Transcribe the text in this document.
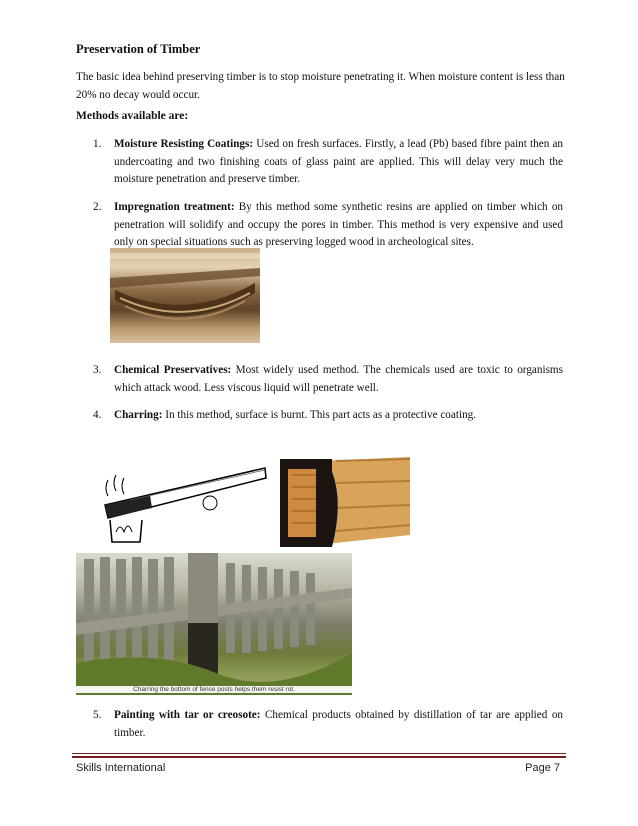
Preservation of Timber
The basic idea behind preserving timber is to stop moisture penetrating it. When moisture content is less than 20% no decay would occur.
Methods available are:
1.	Moisture Resisting Coatings: Used on fresh surfaces. Firstly, a lead (Pb) based fibre paint then an undercoating and two finishing coats of glass paint are applied. This will delay very much the moisture penetration and preserve timber.
2.	Impregnation treatment: By this method some synthetic resins are applied on timber which on penetration will solidify and occupy the pores in timber. This method is very expensive and used only on special situations such as preserving logged wood in archeological sites.
3.	Chemical Preservatives: Most widely used method. The chemicals used are toxic to organisms which attack wood. Less viscous liquid will penetrate well.
4.	Charring: In this method, surface is burnt. This part acts as a protective coating.
Charring the bottom of fence posts helps them resist rot.
5.	Painting with tar or creosote: Chemical products obtained by distillation of tar are applied on timber.
Skills International	Page 7
